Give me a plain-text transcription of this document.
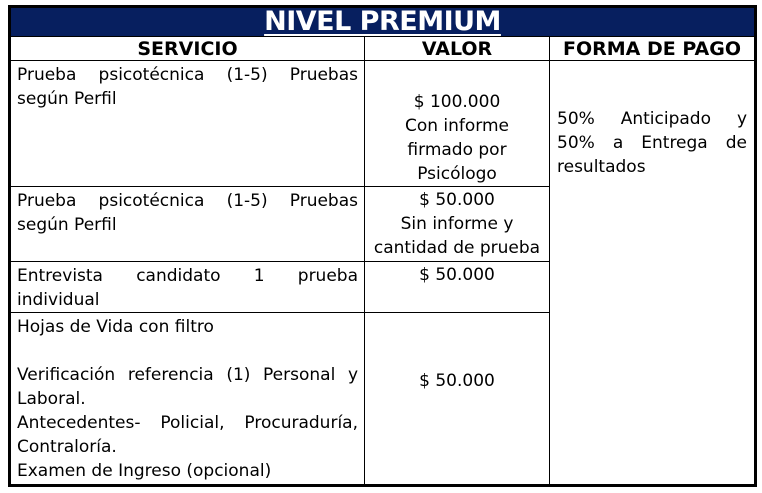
NIVEL PREMIUM		
SERVICIO	VALOR	FORMA DE PAGO

Prueba psicotécnica (1-5) Pruebas según Perfil	$ 100.000
Con informe
firmado por
Psicólogo	50% Anticipado y 50% a Entrega de resultados

Prueba psicotécnica (1-5) Pruebas según Perfil	$ 50.000
Sin informe y
cantidad de prueba	

Entrevista candidato 1 prueba individual	$ 50.000	

Hojas de Vida con filtro
Verificación referencia (1) Personal y Laboral.
Antecedentes- Policial, Procuraduría, Contraloría.
Examen de Ingreso (opcional)	$ 50.000	
